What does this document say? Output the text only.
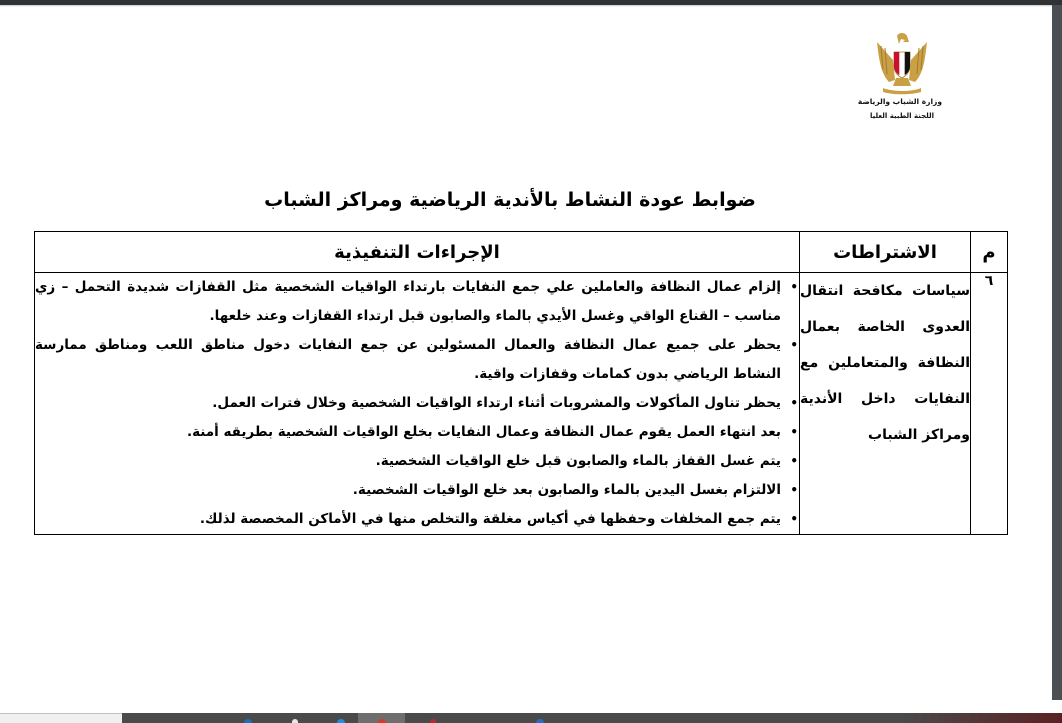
وزارة الشباب والرياضة
اللجنة الطبية العليا
ضوابط عودة النشاط بالأندية الرياضية ومراكز الشباب
م	الاشتراطات	الإجراءات التنفيذية
٦	سياسات مكافحة انتقال العدوى الخاصة بعمال النظافة والمتعاملين مع النفايات داخل الأندية ومراكز الشباب	
•
إلزام عمال النظافة والعاملين علي جمع النفايات بارتداء الواقيات الشخصية مثل القفازات شديدة التحمل – زي مناسب – القناع الواقي وغسل الأيدي بالماء والصابون قبل ارتداء القفازات وعند خلعها.
•
يحظر على جميع عمال النظافة والعمال المسئولين عن جمع النفايات دخول مناطق اللعب ومناطق ممارسة النشاط الرياضي بدون كمامات وقفازات واقية.
•
يحظر تناول المأكولات والمشروبات أثناء ارتداء الواقيات الشخصية وخلال فترات العمل.
•
بعد انتهاء العمل يقوم عمال النظافة وعمال النفايات بخلع الواقيات الشخصية بطريقه أمنة.
•
يتم غسل القفاز بالماء والصابون قبل خلع الواقيات الشخصية.
•
الالتزام بغسل اليدين بالماء والصابون بعد خلع الواقيات الشخصية.
•
يتم جمع المخلفات وحفظها في أكياس مغلقة والتخلص منها في الأماكن المخصصة لذلك.
